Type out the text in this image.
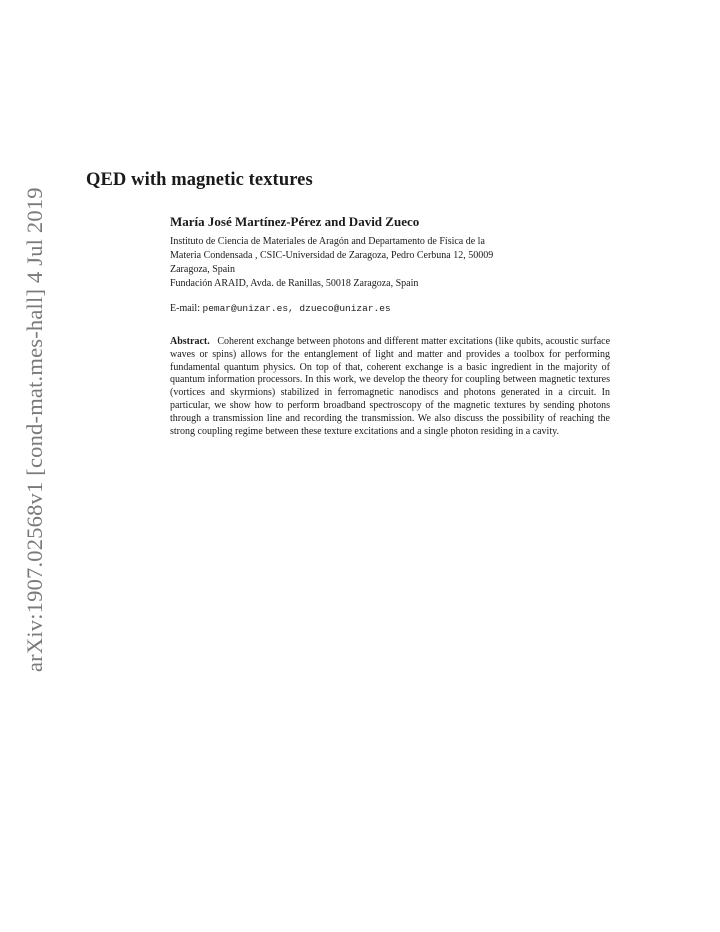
arXiv:1907.02568v1 [cond-mat.mes-hall] 4 Jul 2019
QED with magnetic textures
María José Martínez-Pérez and David Zueco
Instituto de Ciencia de Materiales de Aragón and Departamento de Física de la
Materia Condensada , CSIC-Universidad de Zaragoza, Pedro Cerbuna 12, 50009
Zaragoza, Spain
Fundación ARAID, Avda. de Ranillas, 50018 Zaragoza, Spain
E-mail: pemar@unizar.es, dzueco@unizar.es

Abstract. Coherent exchange between photons and different matter excitations (like qubits, acoustic surface waves or spins) allows for the entanglement of light and matter and provides a toolbox for performing fundamental quantum physics. On top of that, coherent exchange is a basic ingredient in the majority of quantum information processors. In this work, we develop the theory for coupling between magnetic textures (vortices and skyrmions) stabilized in ferromagnetic nanodiscs and photons generated in a circuit. In particular, we show how to perform broadband spectroscopy of the magnetic textures by sending photons through a transmission line and recording the transmission. We also discuss the possibility of reaching the strong coupling regime between these texture excitations and a single photon residing in a cavity.
